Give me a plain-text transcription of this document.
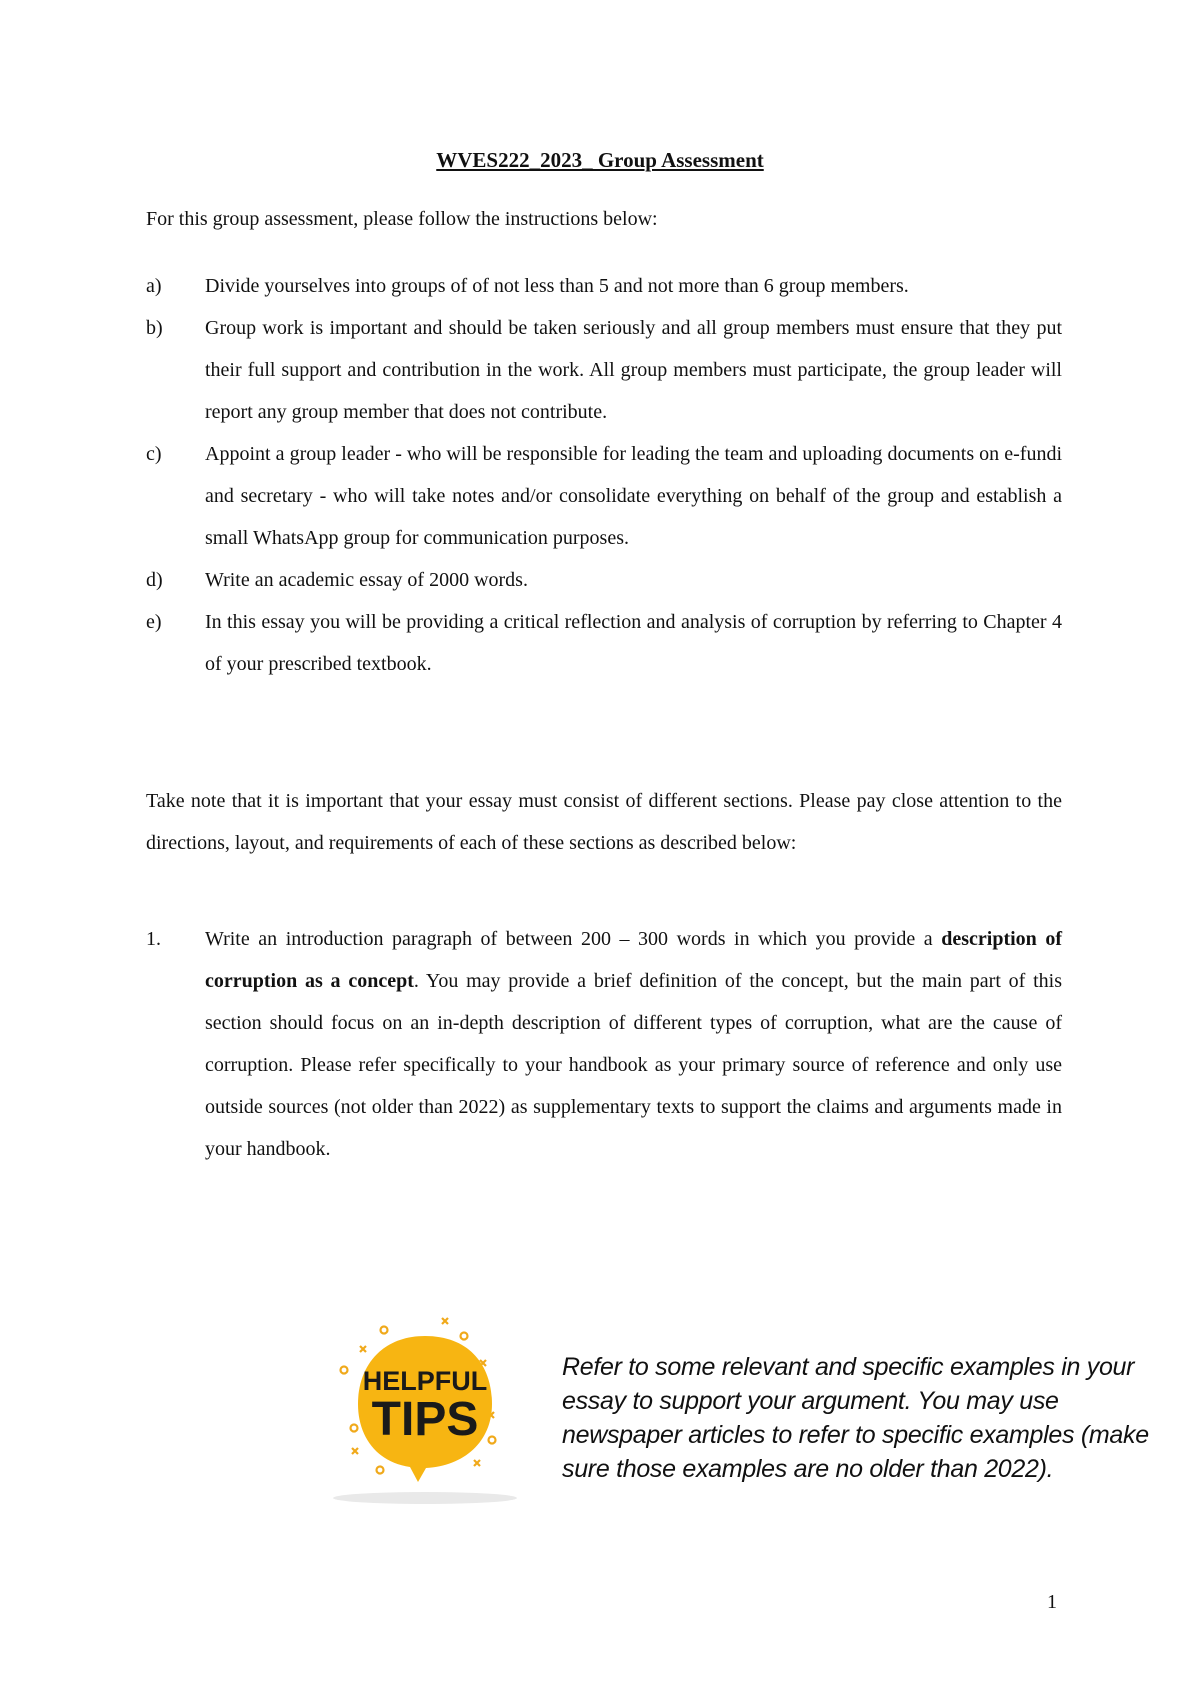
WVES222_2023_ Group Assessment
For this group assessment, please follow the instructions below:
a)	Divide yourselves into groups of of not less than 5 and not more than 6 group members.
b)	Group work is important and should be taken seriously and all group members must ensure that they put their full support and contribution in the work. All group members must participate, the group leader will report any group member that does not contribute.
c)	Appoint a group leader - who will be responsible for leading the team and uploading documents on e-fundi and secretary - who will take notes and/or consolidate everything on behalf of the group and establish a small WhatsApp group for communication purposes.
d)	Write an academic essay of 2000 words.
e)	In this essay you will be providing a critical reflection and analysis of corruption by referring to Chapter 4 of your prescribed textbook.
Take note that it is important that your essay must consist of different sections. Please pay close attention to the directions, layout, and requirements of each of these sections as described below:
1.	Write an introduction paragraph of between 200 – 300 words in which you provide a description of corruption as a concept. You may provide a brief definition of the concept, but the main part of this section should focus on an in-depth description of different types of corruption, what are the cause of corruption. Please refer specifically to your handbook as your primary source of reference and only use outside sources (not older than 2022) as supplementary texts to support the claims and arguments made in your handbook.
HELPFUL
TIPS
Refer to some relevant and specific examples in your essay to support your argument. You may use newspaper articles to refer to specific examples (make sure those examples are no older than 2022).
1
